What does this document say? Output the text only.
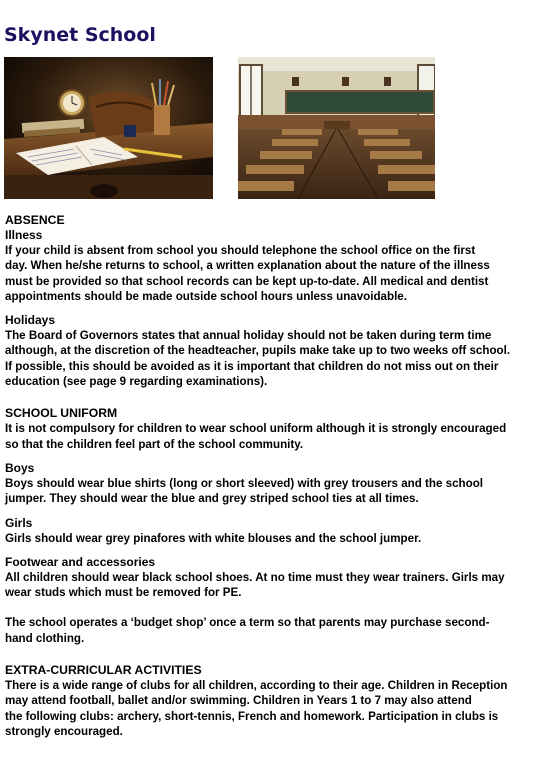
Skynet School
ABSENCE
Illness

If your child is absent from school you should telephone the school office on the first

day. When he/she returns to school, a written explanation about the nature of the illness

must be provided so that school records can be kept up-to-date. All medical and dentist

appointments should be made outside school hours unless unavoidable.

Holidays

The Board of Governors states that annual holiday should not be taken during term time

although, at the discretion of the headteacher, pupils make take up to two weeks off school.

If possible, this should be avoided as it is important that children do not miss out on their

education (see page 9 regarding examinations).

SCHOOL UNIFORM

It is not compulsory for children to wear school uniform although it is strongly encouraged

so that the children feel part of the school community.

Boys

Boys should wear blue shirts (long or short sleeved) with grey trousers and the school

jumper. They should wear the blue and grey striped school ties at all times.

Girls

Girls should wear grey pinafores with white blouses and the school jumper.

Footwear and accessories

All children should wear black school shoes. At no time must they wear trainers. Girls may

wear studs which must be removed for PE.

The school operates a ‘budget shop’ once a term so that parents may purchase second-

hand clothing.

EXTRA-CURRICULAR ACTIVITIES

There is a wide range of clubs for all children, according to their age. Children in Reception

may attend football, ballet and/or swimming. Children in Years 1 to 7 may also attend

the following clubs: archery, short-tennis, French and homework. Participation in clubs is

strongly encouraged.
